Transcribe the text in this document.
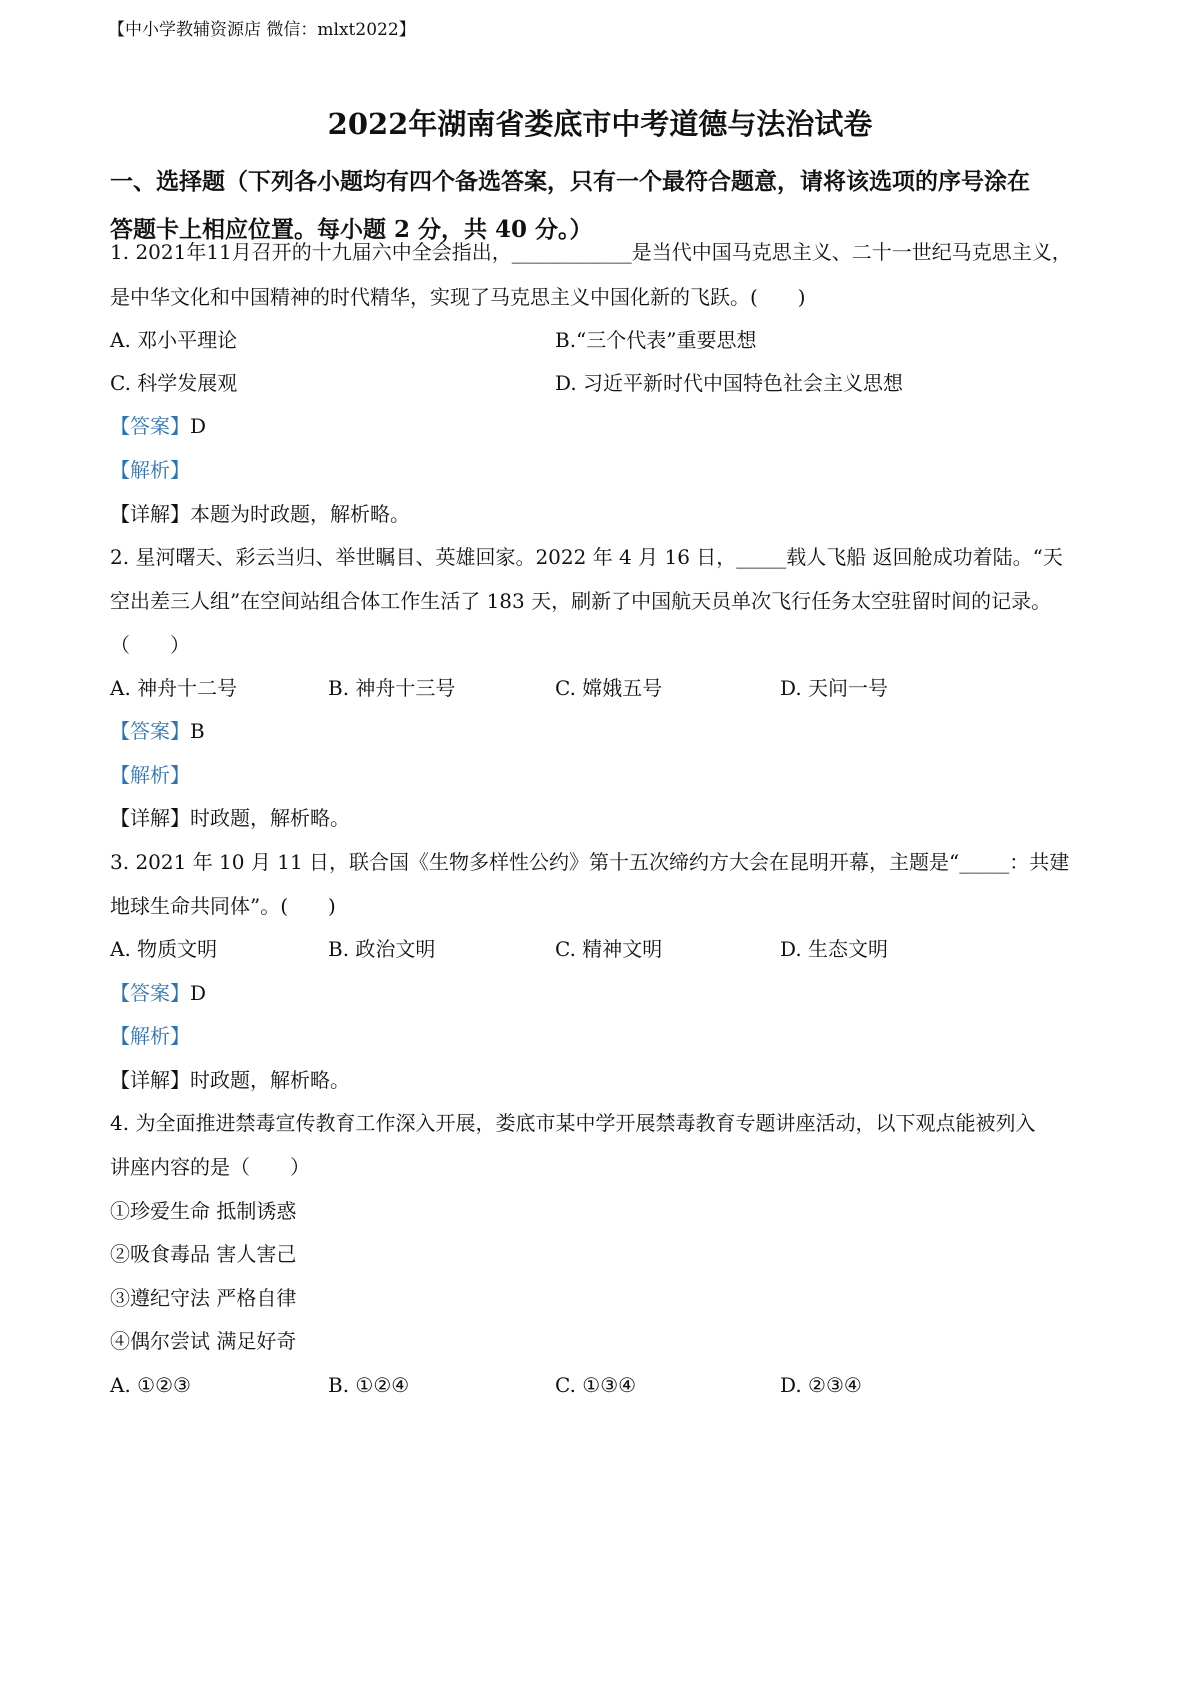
【中小学教辅资源店 微信：mlxt2022】
2022年湖南省娄底市中考道德与法治试卷
一、选择题（下列各小题均有四个备选答案，只有一个最符合题意，请将该选项的序号涂在
答题卡上相应位置。每小题 2 分，共 40 分。）
1. 2021年11月召开的十九届六中全会指出，____________是当代中国马克思主义、二十一世纪马克思主义，
是中华文化和中国精神的时代精华，实现了马克思主义中国化新的飞跃。(　　)
A. 邓小平理论	B.“三个代表”重要思想
C. 科学发展观	D. 习近平新时代中国特色社会主义思想
【答案】D
【解析】
【详解】本题为时政题，解析略。
2. 星河曙天、彩云当归、举世瞩目、英雄回家。2022 年 4 月 16 日，_____载人飞船 返回舱成功着陆。“天
空出差三人组”在空间站组合体工作生活了 183 天，刷新了中国航天员单次飞行任务太空驻留时间的记录。
（　　）
A. 神舟十二号	B. 神舟十三号	C. 嫦娥五号	D. 天问一号
【答案】B
【解析】
【详解】时政题，解析略。
3. 2021 年 10 月 11 日，联合国《生物多样性公约》第十五次缔约方大会在昆明开幕，主题是“_____：共建
地球生命共同体”。(　　)
A. 物质文明	B. 政治文明	C. 精神文明	D. 生态文明
【答案】D
【解析】
【详解】时政题，解析略。
4. 为全面推进禁毒宣传教育工作深入开展，娄底市某中学开展禁毒教育专题讲座活动，以下观点能被列入
讲座内容的是（　　）
①珍爱生命 抵制诱惑
②吸食毒品 害人害己
③遵纪守法 严格自律
④偶尔尝试 满足好奇
A. ①②③	B. ①②④	C. ①③④	D. ②③④
